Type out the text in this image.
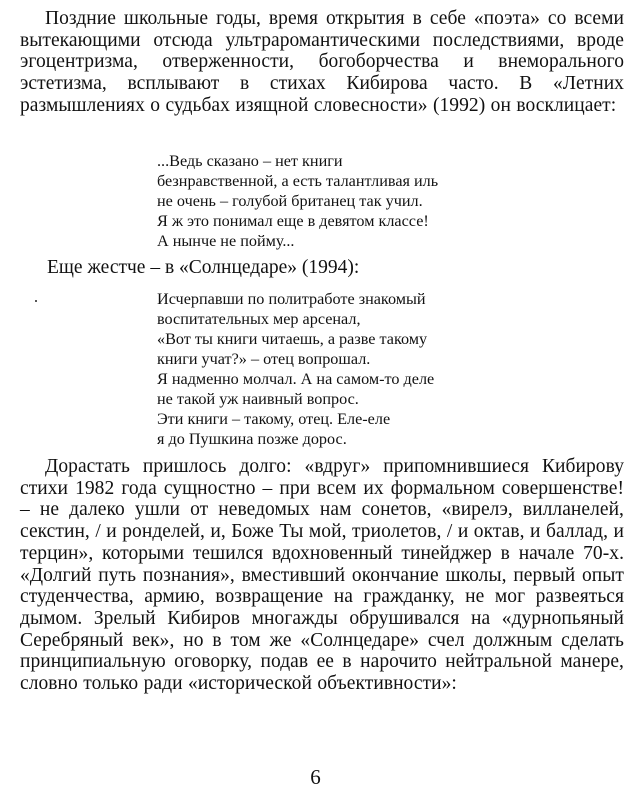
Поздние школьные годы, время открытия в себе «поэта» со всеми вытекающими отсюда ультраромантическими последствиями, вроде эгоцентризма, отверженности, богоборчества и внеморального эстетизма, всплывают в стихах Кибирова часто. В «Летних размышлениях о судьбах изящной словесности» (1992) он восклицает:

...Ведь сказано – нет книги
безнравственной, а есть талантливая иль
не очень – голубой британец так учил.
Я ж это понимал еще в девятом классе!
А нынче не пойму...

Еще жестче – в «Солнцедаре» (1994):

Исчерпавши по политработе знакомый
воспитательных мер арсенал,
«Вот ты книги читаешь, а разве такому
книги учат?» – отец вопрошал.
Я надменно молчал. А на самом-то деле
не такой уж наивный вопрос.
Эти книги – такому, отец. Еле-еле
я до Пушкина позже дорос.

Дорастать пришлось долго: «вдруг» припомнившиеся Кибирову стихи 1982 года сущностно – при всем их формальном совершенстве! – не далеко ушли от неведомых нам сонетов, «вирелэ, вилланелей, секстин, / и ронделей, и, Боже Ты мой, триолетов, / и октав, и баллад, и терцин», которыми тешился вдохновенный тинейджер в начале 70-х. «Долгий путь познания», вместивший окончание школы, первый опыт студенчества, армию, возвращение на гражданку, не мог развеяться дымом. Зрелый Кибиров многажды обрушивался на «дурнопьяный Серебряный век», но в том же «Солнцедаре» счел должным сделать принципиальную оговорку, подав ее в нарочито нейтральной манере, словно только ради «исторической объективности»:

6
